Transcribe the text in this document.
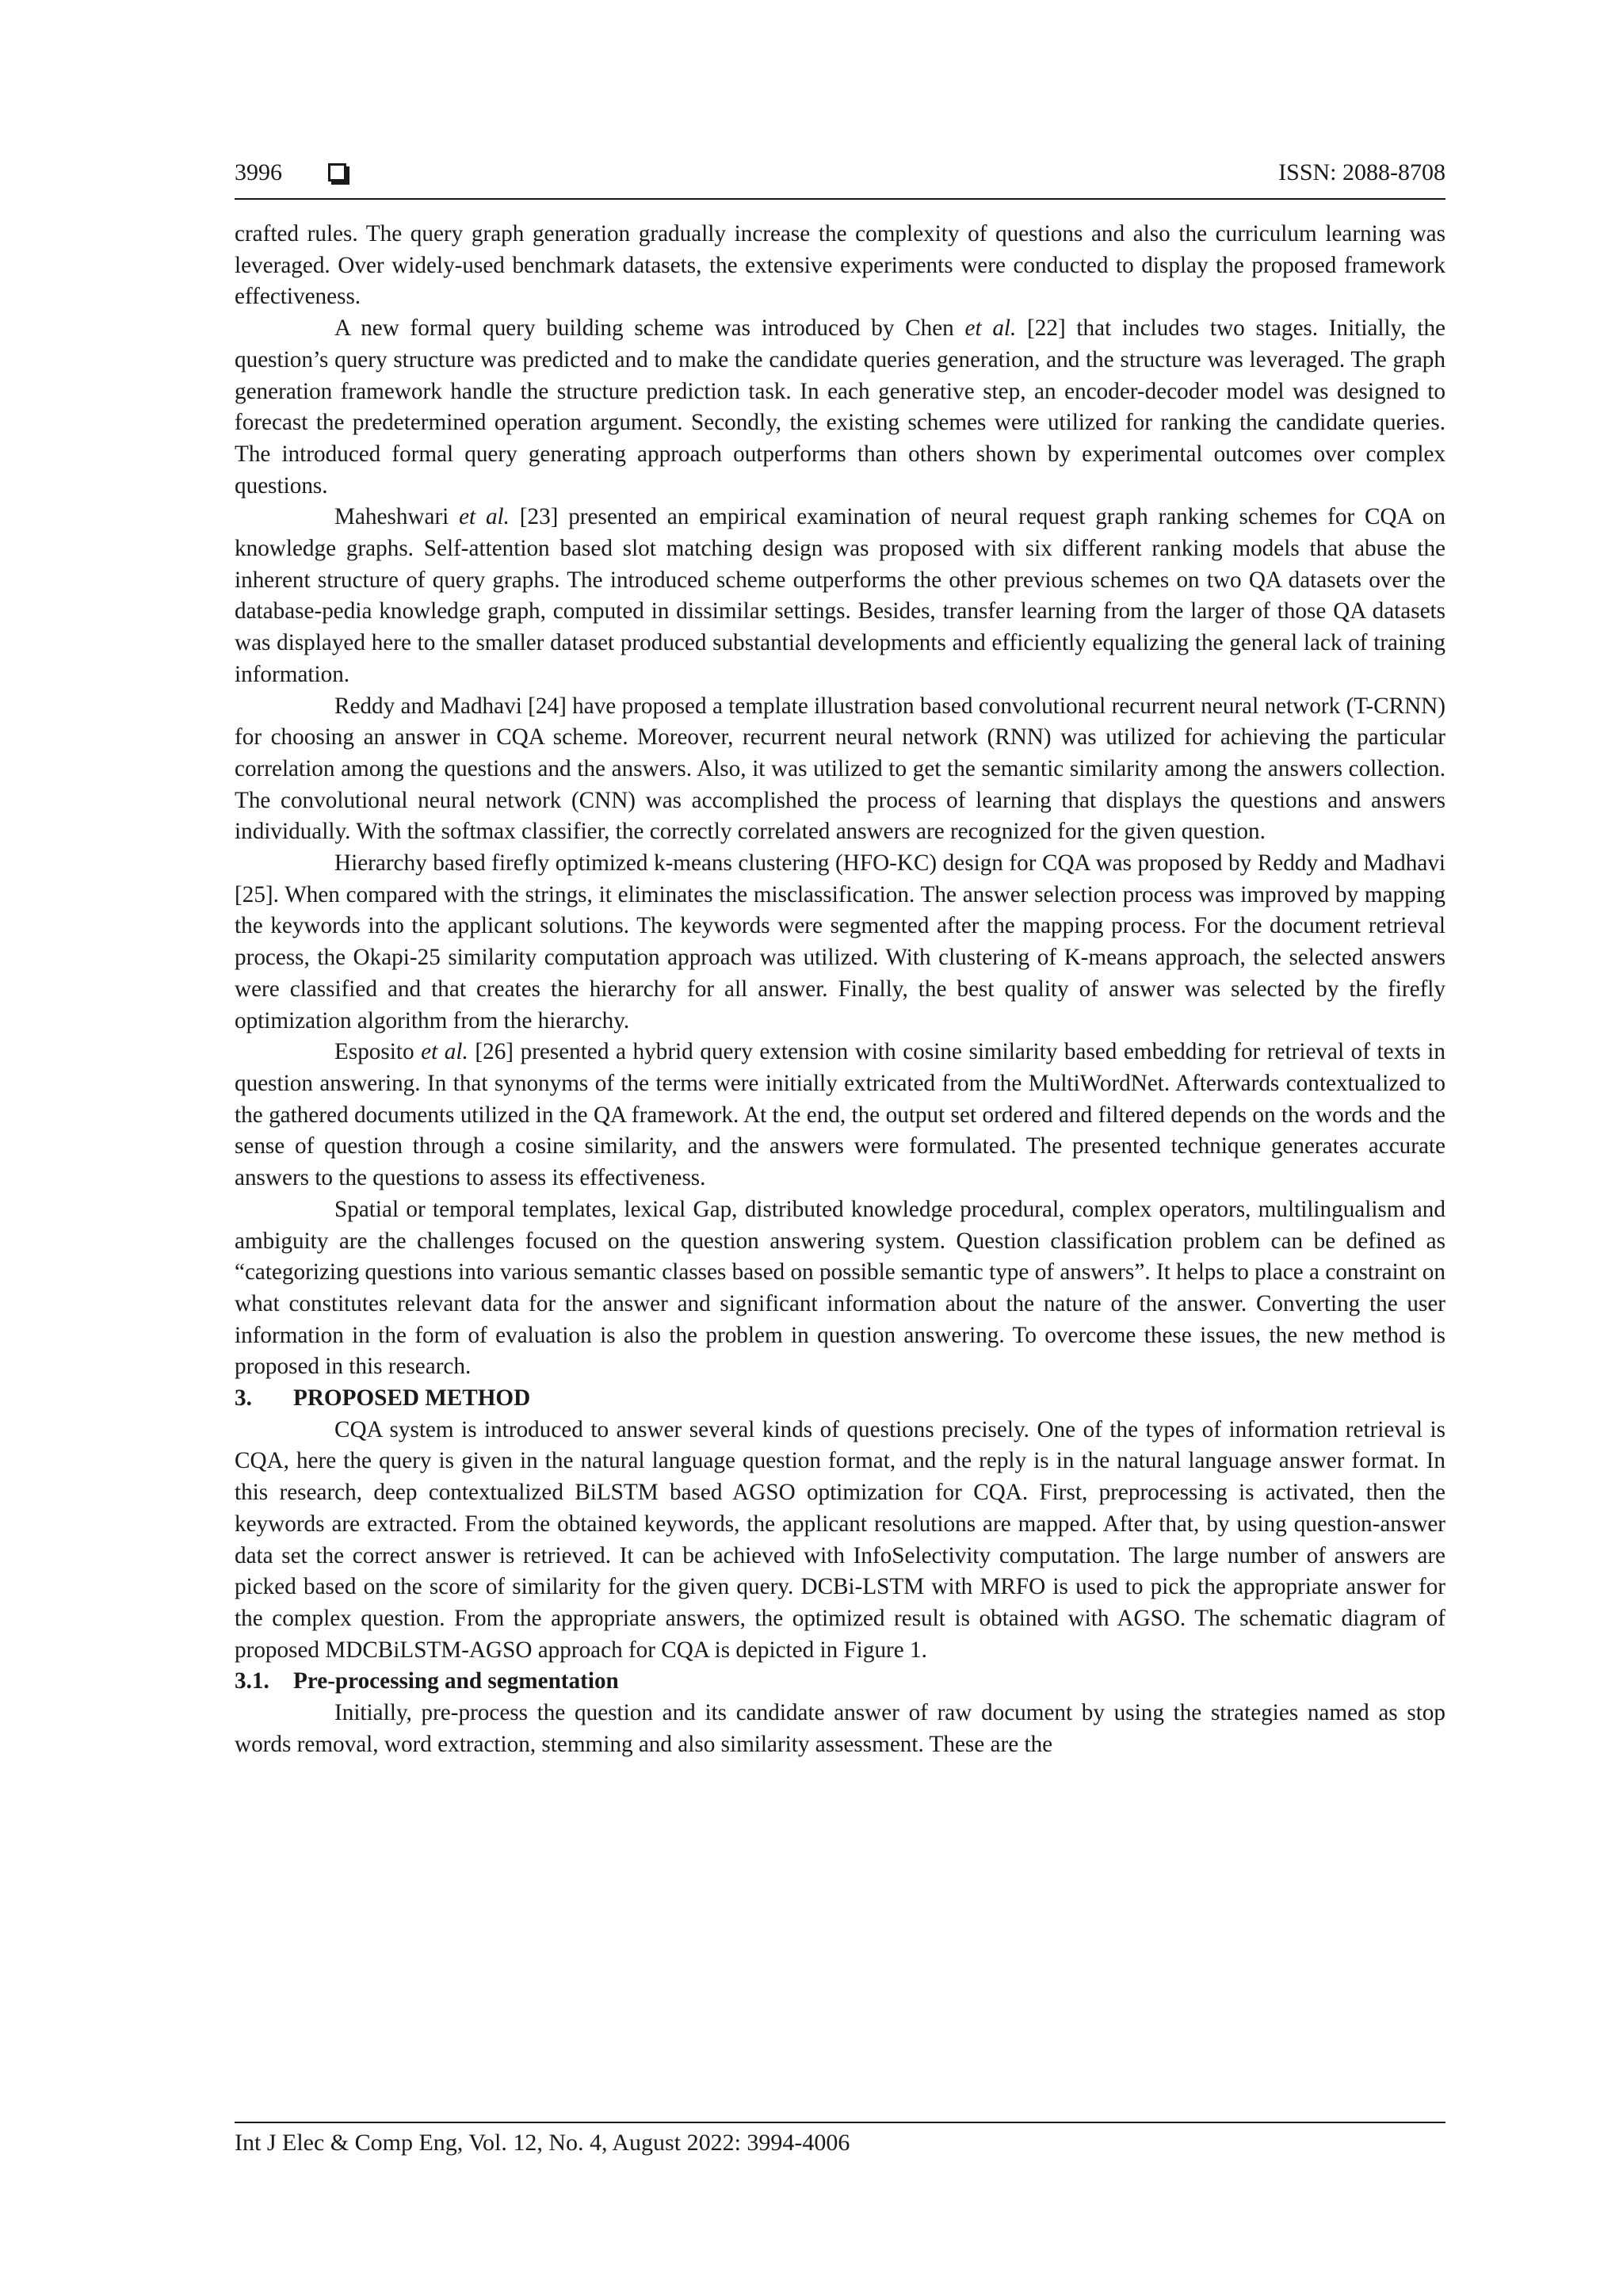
3996	ISSN: 2088-8708

crafted rules. The query graph generation gradually increase the complexity of questions and also the curriculum learning was leveraged. Over widely-used benchmark datasets, the extensive experiments were conducted to display the proposed framework effectiveness.

A new formal query building scheme was introduced by Chen et al. [22] that includes two stages. Initially, the question’s query structure was predicted and to make the candidate queries generation, and the structure was leveraged. The graph generation framework handle the structure prediction task. In each generative step, an encoder-decoder model was designed to forecast the predetermined operation argument. Secondly, the existing schemes were utilized for ranking the candidate queries. The introduced formal query generating approach outperforms than others shown by experimental outcomes over complex questions.

Maheshwari et al. [23] presented an empirical examination of neural request graph ranking schemes for CQA on knowledge graphs. Self-attention based slot matching design was proposed with six different ranking models that abuse the inherent structure of query graphs. The introduced scheme outperforms the other previous schemes on two QA datasets over the database-pedia knowledge graph, computed in dissimilar settings. Besides, transfer learning from the larger of those QA datasets was displayed here to the smaller dataset produced substantial developments and efficiently equalizing the general lack of training information.

Reddy and Madhavi [24] have proposed a template illustration based convolutional recurrent neural network (T-CRNN) for choosing an answer in CQA scheme. Moreover, recurrent neural network (RNN) was utilized for achieving the particular correlation among the questions and the answers. Also, it was utilized to get the semantic similarity among the answers collection. The convolutional neural network (CNN) was accomplished the process of learning that displays the questions and answers individually. With the softmax classifier, the correctly correlated answers are recognized for the given question.

Hierarchy based firefly optimized k-means clustering (HFO-KC) design for CQA was proposed by Reddy and Madhavi [25]. When compared with the strings, it eliminates the misclassification. The answer selection process was improved by mapping the keywords into the applicant solutions. The keywords were segmented after the mapping process. For the document retrieval process, the Okapi-25 similarity computation approach was utilized. With clustering of K-means approach, the selected answers were classified and that creates the hierarchy for all answer. Finally, the best quality of answer was selected by the firefly optimization algorithm from the hierarchy.

Esposito et al. [26] presented a hybrid query extension with cosine similarity based embedding for retrieval of texts in question answering. In that synonyms of the terms were initially extricated from the MultiWordNet. Afterwards contextualized to the gathered documents utilized in the QA framework. At the end, the output set ordered and filtered depends on the words and the sense of question through a cosine similarity, and the answers were formulated. The presented technique generates accurate answers to the questions to assess its effectiveness.

Spatial or temporal templates, lexical Gap, distributed knowledge procedural, complex operators, multilingualism and ambiguity are the challenges focused on the question answering system. Question classification problem can be defined as “categorizing questions into various semantic classes based on possible semantic type of answers”. It helps to place a constraint on what constitutes relevant data for the answer and significant information about the nature of the answer. Converting the user information in the form of evaluation is also the problem in question answering. To overcome these issues, the new method is proposed in this research.

3. PROPOSED METHOD

CQA system is introduced to answer several kinds of questions precisely. One of the types of information retrieval is CQA, here the query is given in the natural language question format, and the reply is in the natural language answer format. In this research, deep contextualized BiLSTM based AGSO optimization for CQA. First, preprocessing is activated, then the keywords are extracted. From the obtained keywords, the applicant resolutions are mapped. After that, by using question-answer data set the correct answer is retrieved. It can be achieved with InfoSelectivity computation. The large number of answers are picked based on the score of similarity for the given query. DCBi-LSTM with MRFO is used to pick the appropriate answer for the complex question. From the appropriate answers, the optimized result is obtained with AGSO. The schematic diagram of proposed MDCBiLSTM-AGSO approach for CQA is depicted in Figure 1.

3.1. Pre-processing and segmentation

Initially, pre-process the question and its candidate answer of raw document by using the strategies named as stop words removal, word extraction, stemming and also similarity assessment. These are the

Int J Elec & Comp Eng, Vol. 12, No. 4, August 2022: 3994-4006
